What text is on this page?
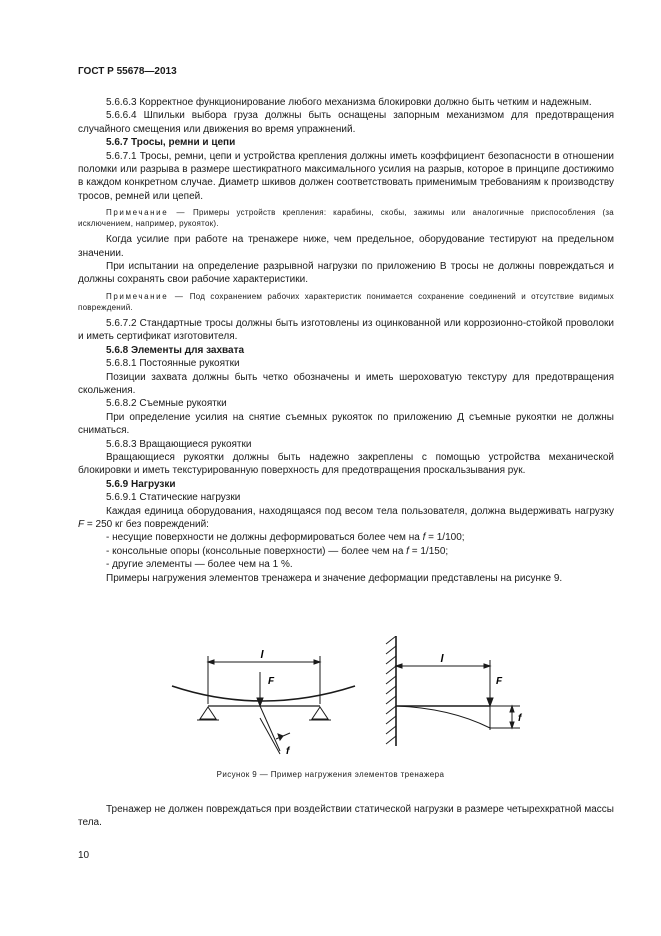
ГОСТ Р 55678—2013

5.6.6.3 Корректное функционирование любого механизма блокировки должно быть четким и надежным.

5.6.6.4 Шпильки выбора груза должны быть оснащены запорным механизмом для предотвращения случайного смещения или движения во время упражнений.

5.6.7 Тросы, ремни и цепи

5.6.7.1 Тросы, ремни, цепи и устройства крепления должны иметь коэффициент безопасности в отношении поломки или разрыва в размере шестикратного максимального усилия на разрыв, которое в принципе достижимо в каждом конкретном случае. Диаметр шкивов должен соответствовать применимым требованиям к производству тросов, ремней или цепей.

Примечание — Примеры устройств крепления: карабины, скобы, зажимы или аналогичные приспособления (за исключением, например, рукояток).

Когда усилие при работе на тренажере ниже, чем предельное, оборудование тестируют на предельном значении.

При испытании на определение разрывной нагрузки по приложению В тросы не должны повреждаться и должны сохранять свои рабочие характеристики.

Примечание — Под сохранением рабочих характеристик понимается сохранение соединений и отсутствие видимых повреждений.

5.6.7.2 Стандартные тросы должны быть изготовлены из оцинкованной или коррозионно-стойкой проволоки и иметь сертификат изготовителя.

5.6.8 Элементы для захвата

5.6.8.1 Постоянные рукоятки

Позиции захвата должны быть четко обозначены и иметь шероховатую текстуру для предотвращения скольжения.

5.6.8.2 Съемные рукоятки

При определение усилия на снятие съемных рукояток по приложению Д съемные рукоятки не должны сниматься.

5.6.8.3 Вращающиеся рукоятки

Вращающиеся рукоятки должны быть надежно закреплены с помощью устройства механической блокировки и иметь текстурированную поверхность для предотвращения проскальзывания рук.

5.6.9 Нагрузки

5.6.9.1 Статические нагрузки

Каждая единица оборудования, находящаяся под весом тела пользователя, должна выдерживать нагрузку F = 250 кг без повреждений:

- несущие поверхности не должны деформироваться более чем на f = 1/100;

- консольные опоры (консольные поверхности) — более чем на f = 1/150;

- другие элементы — более чем на 1 %.

Примеры нагружения элементов тренажера и значение деформации представлены на рисунке 9.

l
F
f
l
F
f
Рисунок 9 — Пример нагружения элементов тренажера

Тренажер не должен повреждаться при воздействии статической нагрузки в размере четырехкратной массы тела.

10
